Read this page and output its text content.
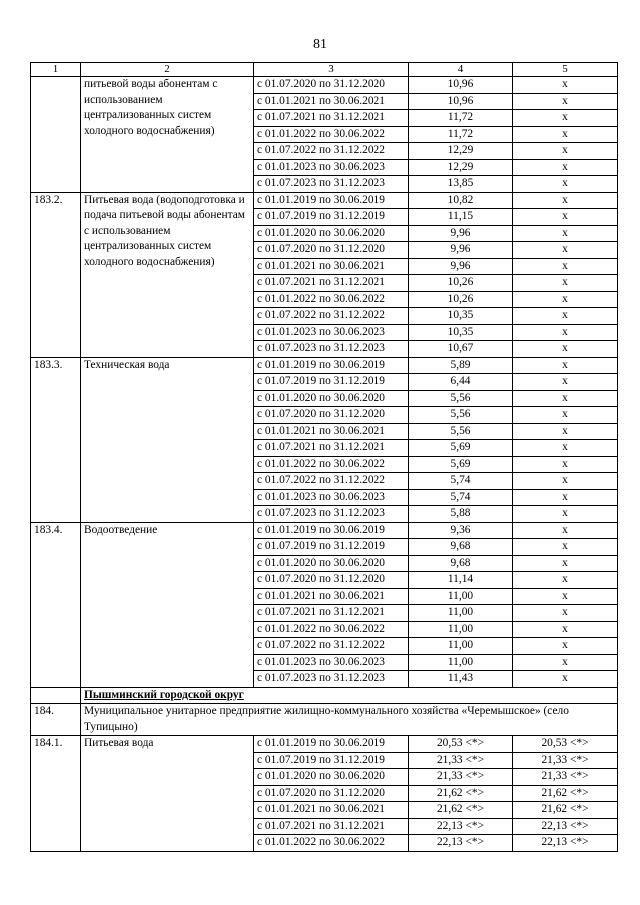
81
1	2	3	4	5
	питьевой воды абонентам с использованием централизованных систем холодного водоснабжения)	с 01.07.2020 по 31.12.2020	10,96	х
		с 01.01.2021 по 30.06.2021	10,96	х
		с 01.07.2021 по 31.12.2021	11,72	х
		с 01.01.2022 по 30.06.2022	11,72	х
		с 01.07.2022 по 31.12.2022	12,29	х
		с 01.01.2023 по 30.06.2023	12,29	х
		с 01.07.2023 по 31.12.2023	13,85	х
183.2.	Питьевая вода (водоподготовка и подача питьевой воды абонентам с использованием централизованных систем холодного водоснабжения)	с 01.01.2019 по 30.06.2019	10,82	х
		с 01.07.2019 по 31.12.2019	11,15	х
		с 01.01.2020 по 30.06.2020	9,96	х
		с 01.07.2020 по 31.12.2020	9,96	х
		с 01.01.2021 по 30.06.2021	9,96	х
		с 01.07.2021 по 31.12.2021	10,26	х
		с 01.01.2022 по 30.06.2022	10,26	х
		с 01.07.2022 по 31.12.2022	10,35	х
		с 01.01.2023 по 30.06.2023	10,35	х
		с 01.07.2023 по 31.12.2023	10,67	х
183.3.	Техническая вода	с 01.01.2019 по 30.06.2019	5,89	х
		с 01.07.2019 по 31.12.2019	6,44	х
		с 01.01.2020 по 30.06.2020	5,56	х
		с 01.07.2020 по 31.12.2020	5,56	х
		с 01.01.2021 по 30.06.2021	5,56	х
		с 01.07.2021 по 31.12.2021	5,69	х
		с 01.01.2022 по 30.06.2022	5,69	х
		с 01.07.2022 по 31.12.2022	5,74	х
		с 01.01.2023 по 30.06.2023	5,74	х
		с 01.07.2023 по 31.12.2023	5,88	х
183.4.	Водоотведение	с 01.01.2019 по 30.06.2019	9,36	х
		с 01.07.2019 по 31.12.2019	9,68	х
		с 01.01.2020 по 30.06.2020	9,68	х
		с 01.07.2020 по 31.12.2020	11,14	х
		с 01.01.2021 по 30.06.2021	11,00	х
		с 01.07.2021 по 31.12.2021	11,00	х
		с 01.01.2022 по 30.06.2022	11,00	х
		с 01.07.2022 по 31.12.2022	11,00	х
		с 01.01.2023 по 30.06.2023	11,00	х
		с 01.07.2023 по 31.12.2023	11,43	х
	Пышминский городской округ			
184.	Муниципальное унитарное предприятие жилищно-коммунального хозяйства «Черемышское» (село Тупицыно)			
184.1.	Питьевая вода	с 01.01.2019 по 30.06.2019	20,53 <*>	20,53 <*>
		с 01.07.2019 по 31.12.2019	21,33 <*>	21,33 <*>
		с 01.01.2020 по 30.06.2020	21,33 <*>	21,33 <*>
		с 01.07.2020 по 31.12.2020	21,62 <*>	21,62 <*>
		с 01.01.2021 по 30.06.2021	21,62 <*>	21,62 <*>
		с 01.07.2021 по 31.12.2021	22,13 <*>	22,13 <*>
		с 01.01.2022 по 30.06.2022	22,13 <*>	22,13 <*>
